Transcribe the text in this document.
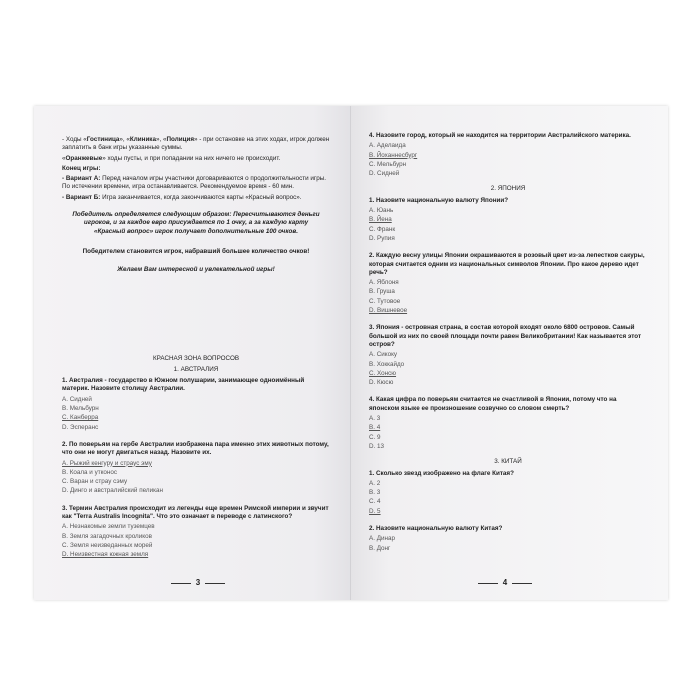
- Ходы «Гостиница», «Клиника», «Полиция» - при остановке на этих ходах, игрок должен заплатить в банк игры указанные суммы.

«Оранжевые» ходы пусты, и при попадании на них ничего не происходит.

Конец игры:

- Вариант А: Перед началом игры участники договариваются о продолжительности игры. По истечении времени, игра останавливается. Рекомендуемое время - 60 мин.

- Вариант Б: Игра заканчивается, когда закончиваются карты «Красный вопрос».

Победитель определяется следующим образом: Пересчитываются деньги игроков, и за каждое евро присуждается по 1 очку, а за каждую карту «Красный вопрос» игрок получает дополнительные 100 очков.

Победителем становится игрок, набравший большее количество очков!

Желаем Вам интересной и увлекательной игры!

КРАСНАЯ ЗОНА ВОПРОСОВ

1. АВСТРАЛИЯ

1. Австралия - государство в Южном полушарии, занимающее одноимённый материк. Назовите столицу Австралии.

A. Сидней

B. Мельбурн

C. Канберра

D. Эсперанс

2. По поверьям на гербе Австралии изображена пара именно этих животных потому, что они не могут двигаться назад. Назовите их.

A. Рыжий кенгуру и страус эму

B. Коала и утконос

C. Варан и страу сэму

D. Динго и австралийский пеликан

3. Термин Австралия происходит из легенды еще времен Римской империи и звучит как "Terra Australis Incognita". Что это означает в переводе с латинского?

A. Незнакомые земли туземцев

B. Земля загадочных кроликов

C. Земля неизведанных морей

D. Неизвестная южная земля

3

4. Назовите город, который не находится на территории Австралийского материка.

A. Аделаида

B. Йоханнесбург

C. Мельбурн

D. Сидней

2. ЯПОНИЯ

1. Назовите национальную валюту Японии?

A. Юань

B. Йена

C. Франк

D. Рупия

2. Каждую весну улицы Японии окрашиваются в розовый цвет из-за лепестков сакуры, которая считается одним из национальных символов Японии. Про какое дерево идет речь?

A. Яблоня

B. Груша

C. Тутовое

D. Вишневое

3. Япония - островная страна, в состав которой входят около 6800 островов. Самый большой из них по своей площади почти равен Великобритании! Как называется этот остров?

A. Сикоку

B. Хоккайдо

C. Хонсю

D. Кюсю

4. Какая цифра по поверьям считается не счастливой в Японии, потому что на японском языке ее произношение созвучно со словом смерть?

A. 3

B. 4

C. 9

D. 13

3. КИТАЙ

1. Сколько звезд изображено на флаге Китая?

A. 2

B. 3

C. 4

D. 5

2. Назовите национальную валюту Китая?

A. Динар

B. Донг

4
